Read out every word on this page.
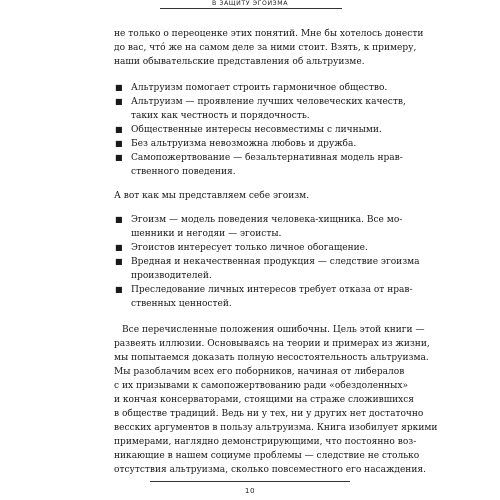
В ЗАЩИТУ ЭГОИЗМА
не только о переоценке этих понятий. Мне бы хотелось донести
до вас, что́ же на самом деле за ними стоит. Взять, к примеру,
наши обывательские представления об альтруизме.
■ Альтруизм помогает строить гармоничное общество.
■ Альтруизм — проявление лучших человеческих качеств,
таких как честность и порядочность.
■ Общественные интересы несовместимы с личными.
■ Без альтруизма невозможна любовь и дружба.
■ Самопожертвование — безальтернативная модель нрав-
ственного поведения.
А вот как мы представляем себе эгоизм.
■ Эгоизм — модель поведения человека-хищника. Все мо-
шенники и негодяи — эгоисты.
■ Эгоистов интересует только личное обогащение.
■ Вредная и некачественная продукция — следствие эгоизма
производителей.
■ Преследование личных интересов требует отказа от нрав-
ственных ценностей.
Все перечисленные положения ошибочны. Цель этой книги —
развеять иллюзии. Основываясь на теории и примерах из жизни,
мы попытаемся доказать полную несостоятельность альтруизма.
Мы разоблачим всех его поборников, начиная от либералов
с их призывами к самопожертвованию ради «обездоленных»
и кончая консерваторами, стоящими на страже сложившихся
в обществе традиций. Ведь ни у тех, ни у других нет достаточно
весских аргументов в пользу альтруизма. Книга изобилует яркими
примерами, наглядно демонстрирующими, что постоянно воз-
никающие в нашем социуме проблемы — следствие не столько
отсутствия альтруизма, сколько повсеместного его насаждения.
10
